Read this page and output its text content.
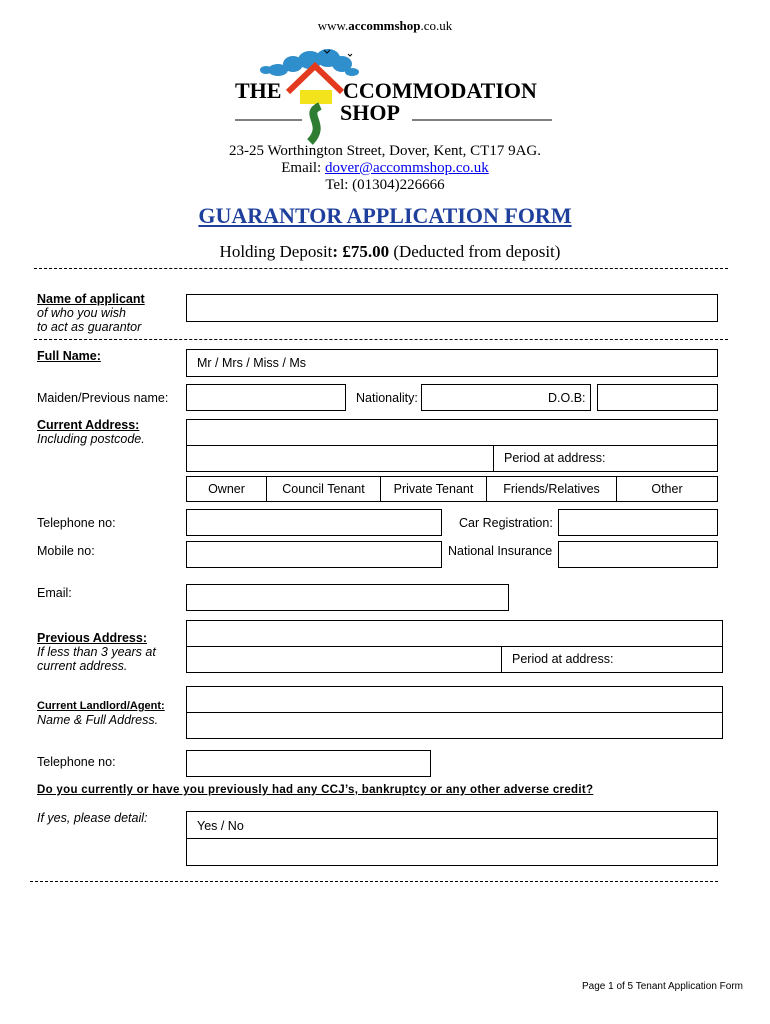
www.accommshop.co.uk
THE	CCOMMODATION
SHOP
23-25 Worthington Street, Dover, Kent, CT17 9AG.
Email: dover@accommshop.co.uk
Tel: (01304)226666
GUARANTOR APPLICATION FORM
Holding Deposit: £75.00 (Deducted from deposit)
Name of applicant
of who you wish
to act as guarantor
Full Name:	Mr / Mrs / Miss / Ms
Maiden/Previous name:	Nationality:	D.O.B:
Current Address:
Including postcode.
Period at address:
Owner	Council Tenant	Private Tenant	Friends/Relatives	Other
Telephone no:	Car Registration:
Mobile no:	National Insurance
Email:
Previous Address:
If less than 3 years at
current address.	Period at address:
Current Landlord/Agent:
Name & Full Address.
Telephone no:
Do you currently or have you previously had any CCJ’s, bankruptcy or any other adverse credit?
If yes, please detail:
Yes / No
Page 1 of 5 Tenant Application Form
